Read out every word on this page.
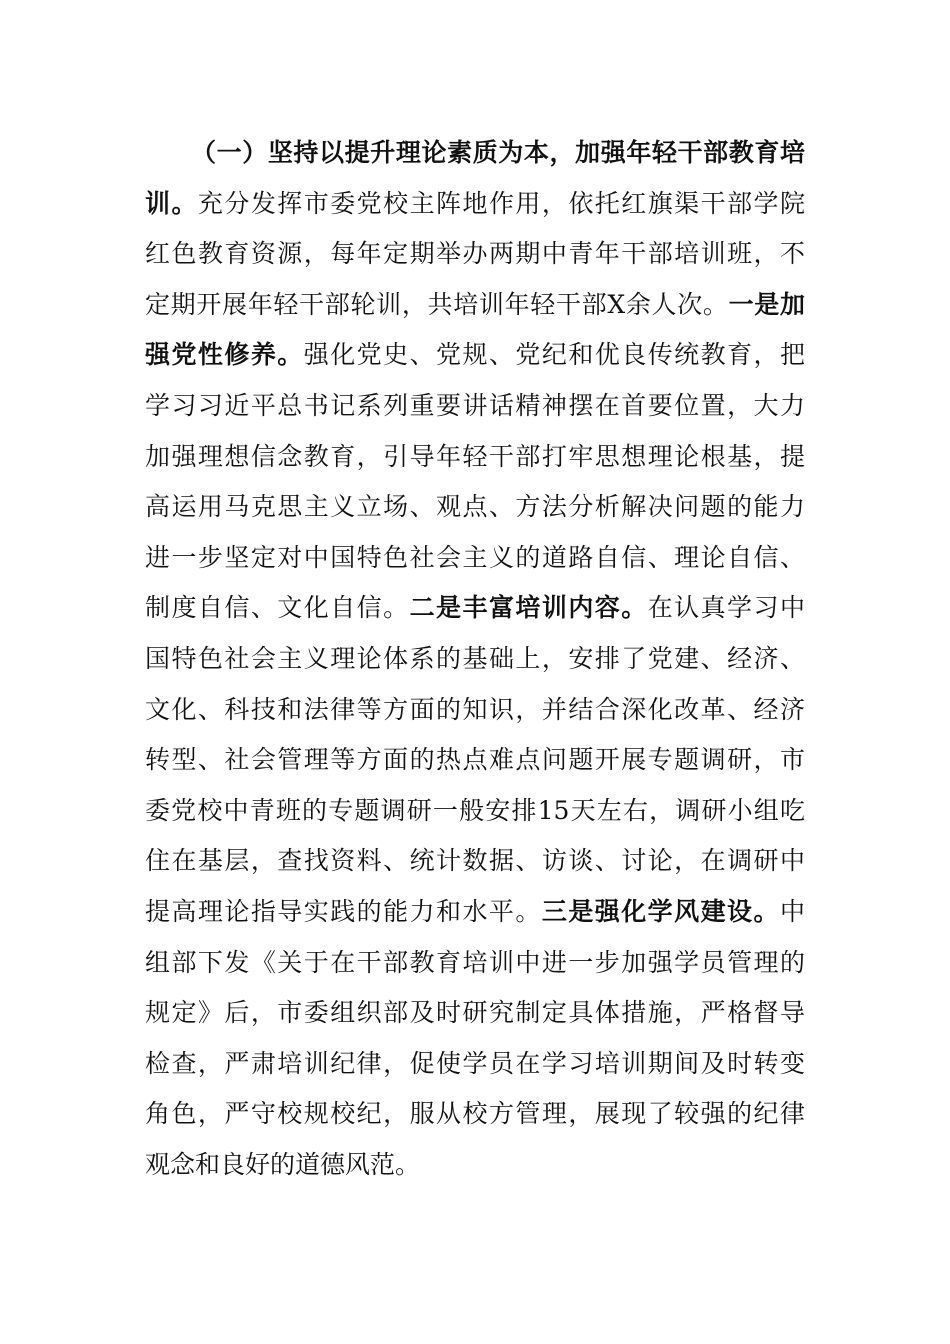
（一）坚持以提升理论素质为本，加强年轻干部教育培
训。充分发挥市委党校主阵地作用，依托红旗渠干部学院
红色教育资源，每年定期举办两期中青年干部培训班，不
定期开展年轻干部轮训，共培训年轻干部X余人次。一是加
强党性修养。强化党史、党规、党纪和优良传统教育，把
学习习近平总书记系列重要讲话精神摆在首要位置，大力
加强理想信念教育，引导年轻干部打牢思想理论根基，提
高运用马克思主义立场、观点、方法分析解决问题的能力
进一步坚定对中国特色社会主义的道路自信、理论自信、
制度自信、文化自信。二是丰富培训内容。在认真学习中
国特色社会主义理论体系的基础上，安排了党建、经济、
文化、科技和法律等方面的知识，并结合深化改革、经济
转型、社会管理等方面的热点难点问题开展专题调研，市
委党校中青班的专题调研一般安排15天左右，调研小组吃
住在基层，查找资料、统计数据、访谈、讨论，在调研中
提高理论指导实践的能力和水平。三是强化学风建设。中
组部下发《关于在干部教育培训中进一步加强学员管理的
规定》后，市委组织部及时研究制定具体措施，严格督导
检查，严肃培训纪律，促使学员在学习培训期间及时转变
角色，严守校规校纪，服从校方管理，展现了较强的纪律
观念和良好的道德风范。
